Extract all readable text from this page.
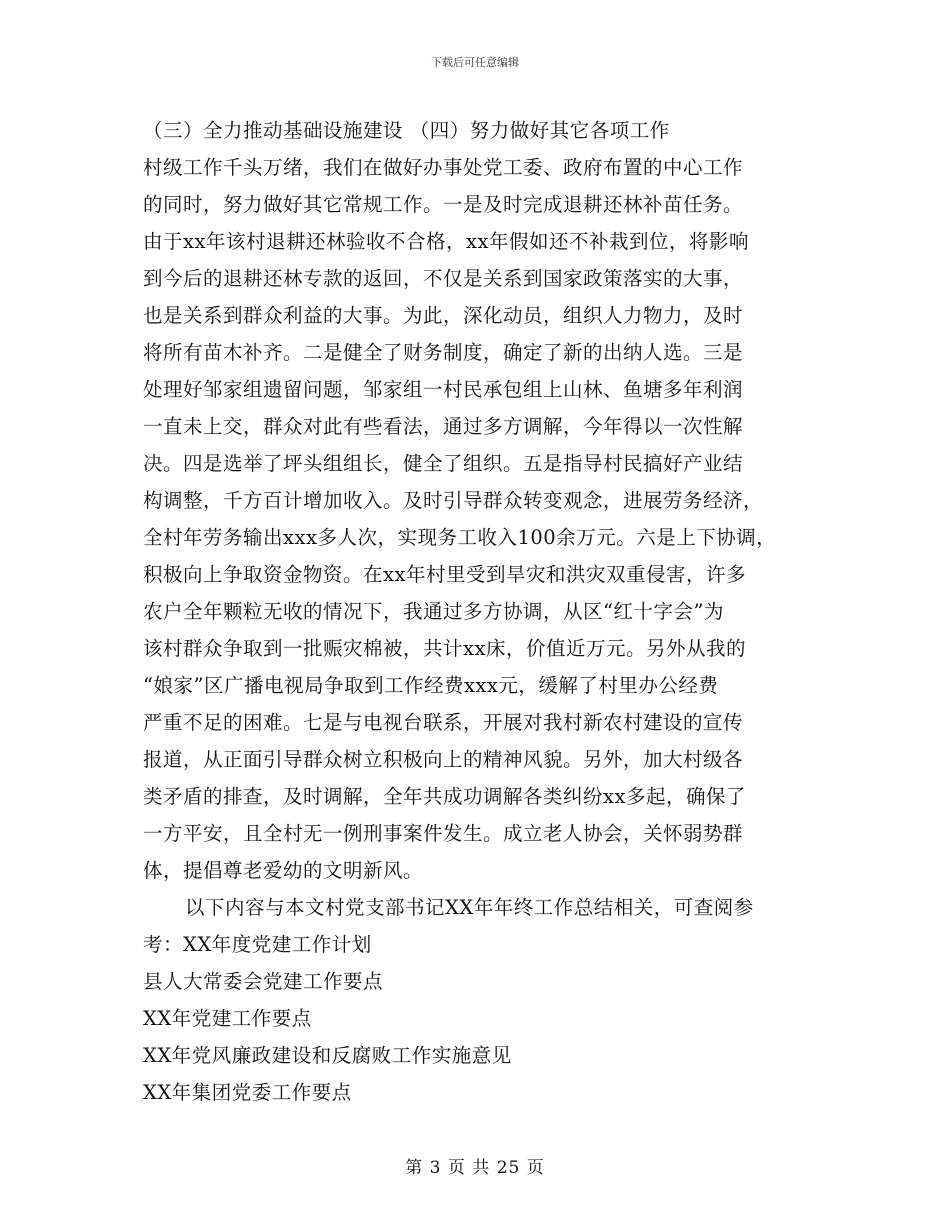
下载后可任意编辑
（三）全力推动基础设施建设 （四）努力做好其它各项工作
村级工作千头万绪，我们在做好办事处党工委、政府布置的中心工作
的同时，努力做好其它常规工作。一是及时完成退耕还林补苗任务。
由于xx年该村退耕还林验收不合格，xx年假如还不补栽到位，将影响
到今后的退耕还林专款的返回，不仅是关系到国家政策落实的大事，
也是关系到群众利益的大事。为此，深化动员，组织人力物力，及时
将所有苗木补齐。二是健全了财务制度，确定了新的出纳人选。三是
处理好邹家组遗留问题，邹家组一村民承包组上山林、鱼塘多年利润
一直未上交，群众对此有些看法，通过多方调解，今年得以一次性解
决。四是选举了坪头组组长，健全了组织。五是指导村民搞好产业结
构调整，千方百计增加收入。及时引导群众转变观念，进展劳务经济，
全村年劳务输出xxx多人次，实现务工收入100余万元。六是上下协调，
积极向上争取资金物资。在xx年村里受到旱灾和洪灾双重侵害，许多
农户全年颗粒无收的情况下，我通过多方协调，从区“红十字会”为
该村群众争取到一批赈灾棉被，共计xx床，价值近万元。另外从我的
“娘家”区广播电视局争取到工作经费xxx元，缓解了村里办公经费
严重不足的困难。七是与电视台联系，开展对我村新农村建设的宣传
报道，从正面引导群众树立积极向上的精神风貌。另外，加大村级各
类矛盾的排查，及时调解，全年共成功调解各类纠纷xx多起，确保了
一方平安，且全村无一例刑事案件发生。成立老人协会，关怀弱势群
体，提倡尊老爱幼的文明新风。
以下内容与本文村党支部书记XX年年终工作总结相关，可查阅参
考：XX年度党建工作计划
县人大常委会党建工作要点
XX年党建工作要点
XX年党风廉政建设和反腐败工作实施意见
XX年集团党委工作要点
第 3 页 共 25 页
